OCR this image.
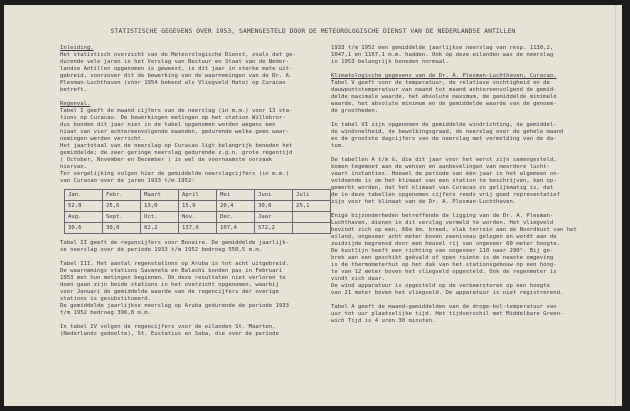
STATISTISCHE GEGEVENS OVER 1953, SAMENGESTELD DOOR DE METEOROLOGISCHE DIENST VAN DE NEDERLANDSE ANTILLEN
Inleiding.
Het statistisch overzicht van de Meteorologische Dienst, zoals dat ge-
durende vele jaren in het Verslag van Bestuur en Staat van de Neder-
landse Antillen opgenomen is geweest, is dit jaar in sterke mate uit-
gebreid, voorzover dit de bewerking van de waarnemingen van de Dr. A.
Plesman-Luchthaven (vóór 1954 bekend als Vliegveld Hato) op Curacao
betreft.
Regenval.
Tabel I geeft de maand cijfers van de neerslag (in m.m.) voor 13 sta-
tions op Curacao. De bewerkingen metingen op het station Willebror-
dus konden dit jaar niet in de tabel opgenomen worden wegens een
hiaat van vier achtereenvolgende maanden, gedurende welke geen waar-
nemingen werden verricht.
Het jaartotaal van de neerslag op Curacao ligt belangrijk beneden het
gemiddelde; de zeer geringe neerslag gedurende z.g.n. grote regentijd
( October, November en December ) is wel de voornaamste oorzaak
hiervan.
Ter vergelijking volgen hier de gemiddelde neerslagcijfers (in m.m.)
van Curacao over de jaren 1933 t/m 1952:
Jan.	Febr.	Maart	April	Mei	Juni	Juli
52,8	25,6	13,0	15,9	20,4	30,6	25,1
Aug.	Sept.	Oct.	Nov.	Dec.	Jaar	
30,6	30,0	82,2	137,6	107,4	572,2	
Tabel II geeft de regencijfers voor Bonaire. De gemiddelde jaarlijk-
se neerslag over de periode 1933 t/m 1952 bedroeg 550,5 m.m.
Tabel III. Het aantal regenstations op Aruba is tot acht uitgebreid.
De waarnemings stations Savaneta en Balashi konden pas in Februari
1953 met hun metingen beginnen. On deze resultaten niet verloren te
doen gaan zijn beide stations in het overzicht opgenomen, waarbij
voor Januari de gemiddelde waarde van de regencijfers der overige
stations is gesubstitueerd.
De gemiddelde jaarlijkse neerslag op Aruba gedurende de periode 1933
t/m 1952 bedroeg 396,8 m.m.
In tabel IV volgen de regencijfers voor de eilanden St. Maarten,
(Nederlands gedeelte), St. Eustatius en Saba, die over de periode
1933 t/m 1952 een gemiddelde jaarlijkse neerslag van resp. 1130,2,
1047,1 en 1167,1 m.m. hadden. Ook op deze eilanden was de neerslag
in 1953 belangrijk beneden normaal.
Klimatologische gegevens van de Dr. A. Plesman-Luchthaven, Curacao.
Tabel V geeft voor de temperatuur, de relatieve vochtigheid en de
dauwpuntstemperatuur van maand tot maand achtereenvolgend de gemid-
delde maximale waarde, het absolute maximum, de gemiddelde minimale
waarde, het absolute minimum en de gemiddelde waarde van de genoem-
de grootheden.
In tabel VI zijn opgenomen de gemiddelde windrichting, de gemiddel-
de windsnelheid, de bewolkingsgraad, de neerslag over de gehele maand
en de grootste dagcijfers van de neerslag met vermelding van de da-
tum.
De tabellen A t/m G, die dit jaar voor het eerst zijn samengesteld,
komen tegemoet aan de wensen en aanbevelingen van meerdere lucht-
vaart instanties. Hoewel de periode van één jaar in het algemeen on-
voldoende is om het klimaat van een station te beschrijven, kan op-
gemerkt worden, dat het klimaat van Curacao zo gelijkmatig is, dat
de in deze tabellen opgenomen cijfers reeds vrij goed representatief
zijn voor het klimaat van de Dr. A. Plesman-Luchthaven.
Enige bijzonderheden betreffende de ligging van de Dr. A. Plesman-
Luchthaven, dienen in dit verslag vermeld te worden. Het vliegveld
bevindt zich op een, 66m km. breed, vlak terrein aan de Noordkust van het
eiland, ongeveer acht meter boven zeeniveau gelegen en wordt aan de
zuidzijde begrensd door een heuvel rij van ongeveer 60 meter hoogte.
De kustlijn heeft een richting van ongeveer 110 naar 290°. Bij ge-
brek aan een geschikt geëvald of open ruimte is de naaste omgeving
is de thermometerhut op het dak van het stationsgebouw op een hoog-
te van 12 meter boven het vliegveld opgesteld. Ook de regenmeter is
vindt zich daar.
De wind apparatuur is opgesteld op de verkeerstoren op een hoogte
van 21 meter boven het vliegveld. De apparatuur is niet registrerend.
Tabel A geeft de maand-gemiddelden van de droge-bol-temperatuur van
uur tot uur plaatselijke tijd. Het tijdverschil met Middelbare Green-
wich Tijd is 4 uren 30 minuten.
